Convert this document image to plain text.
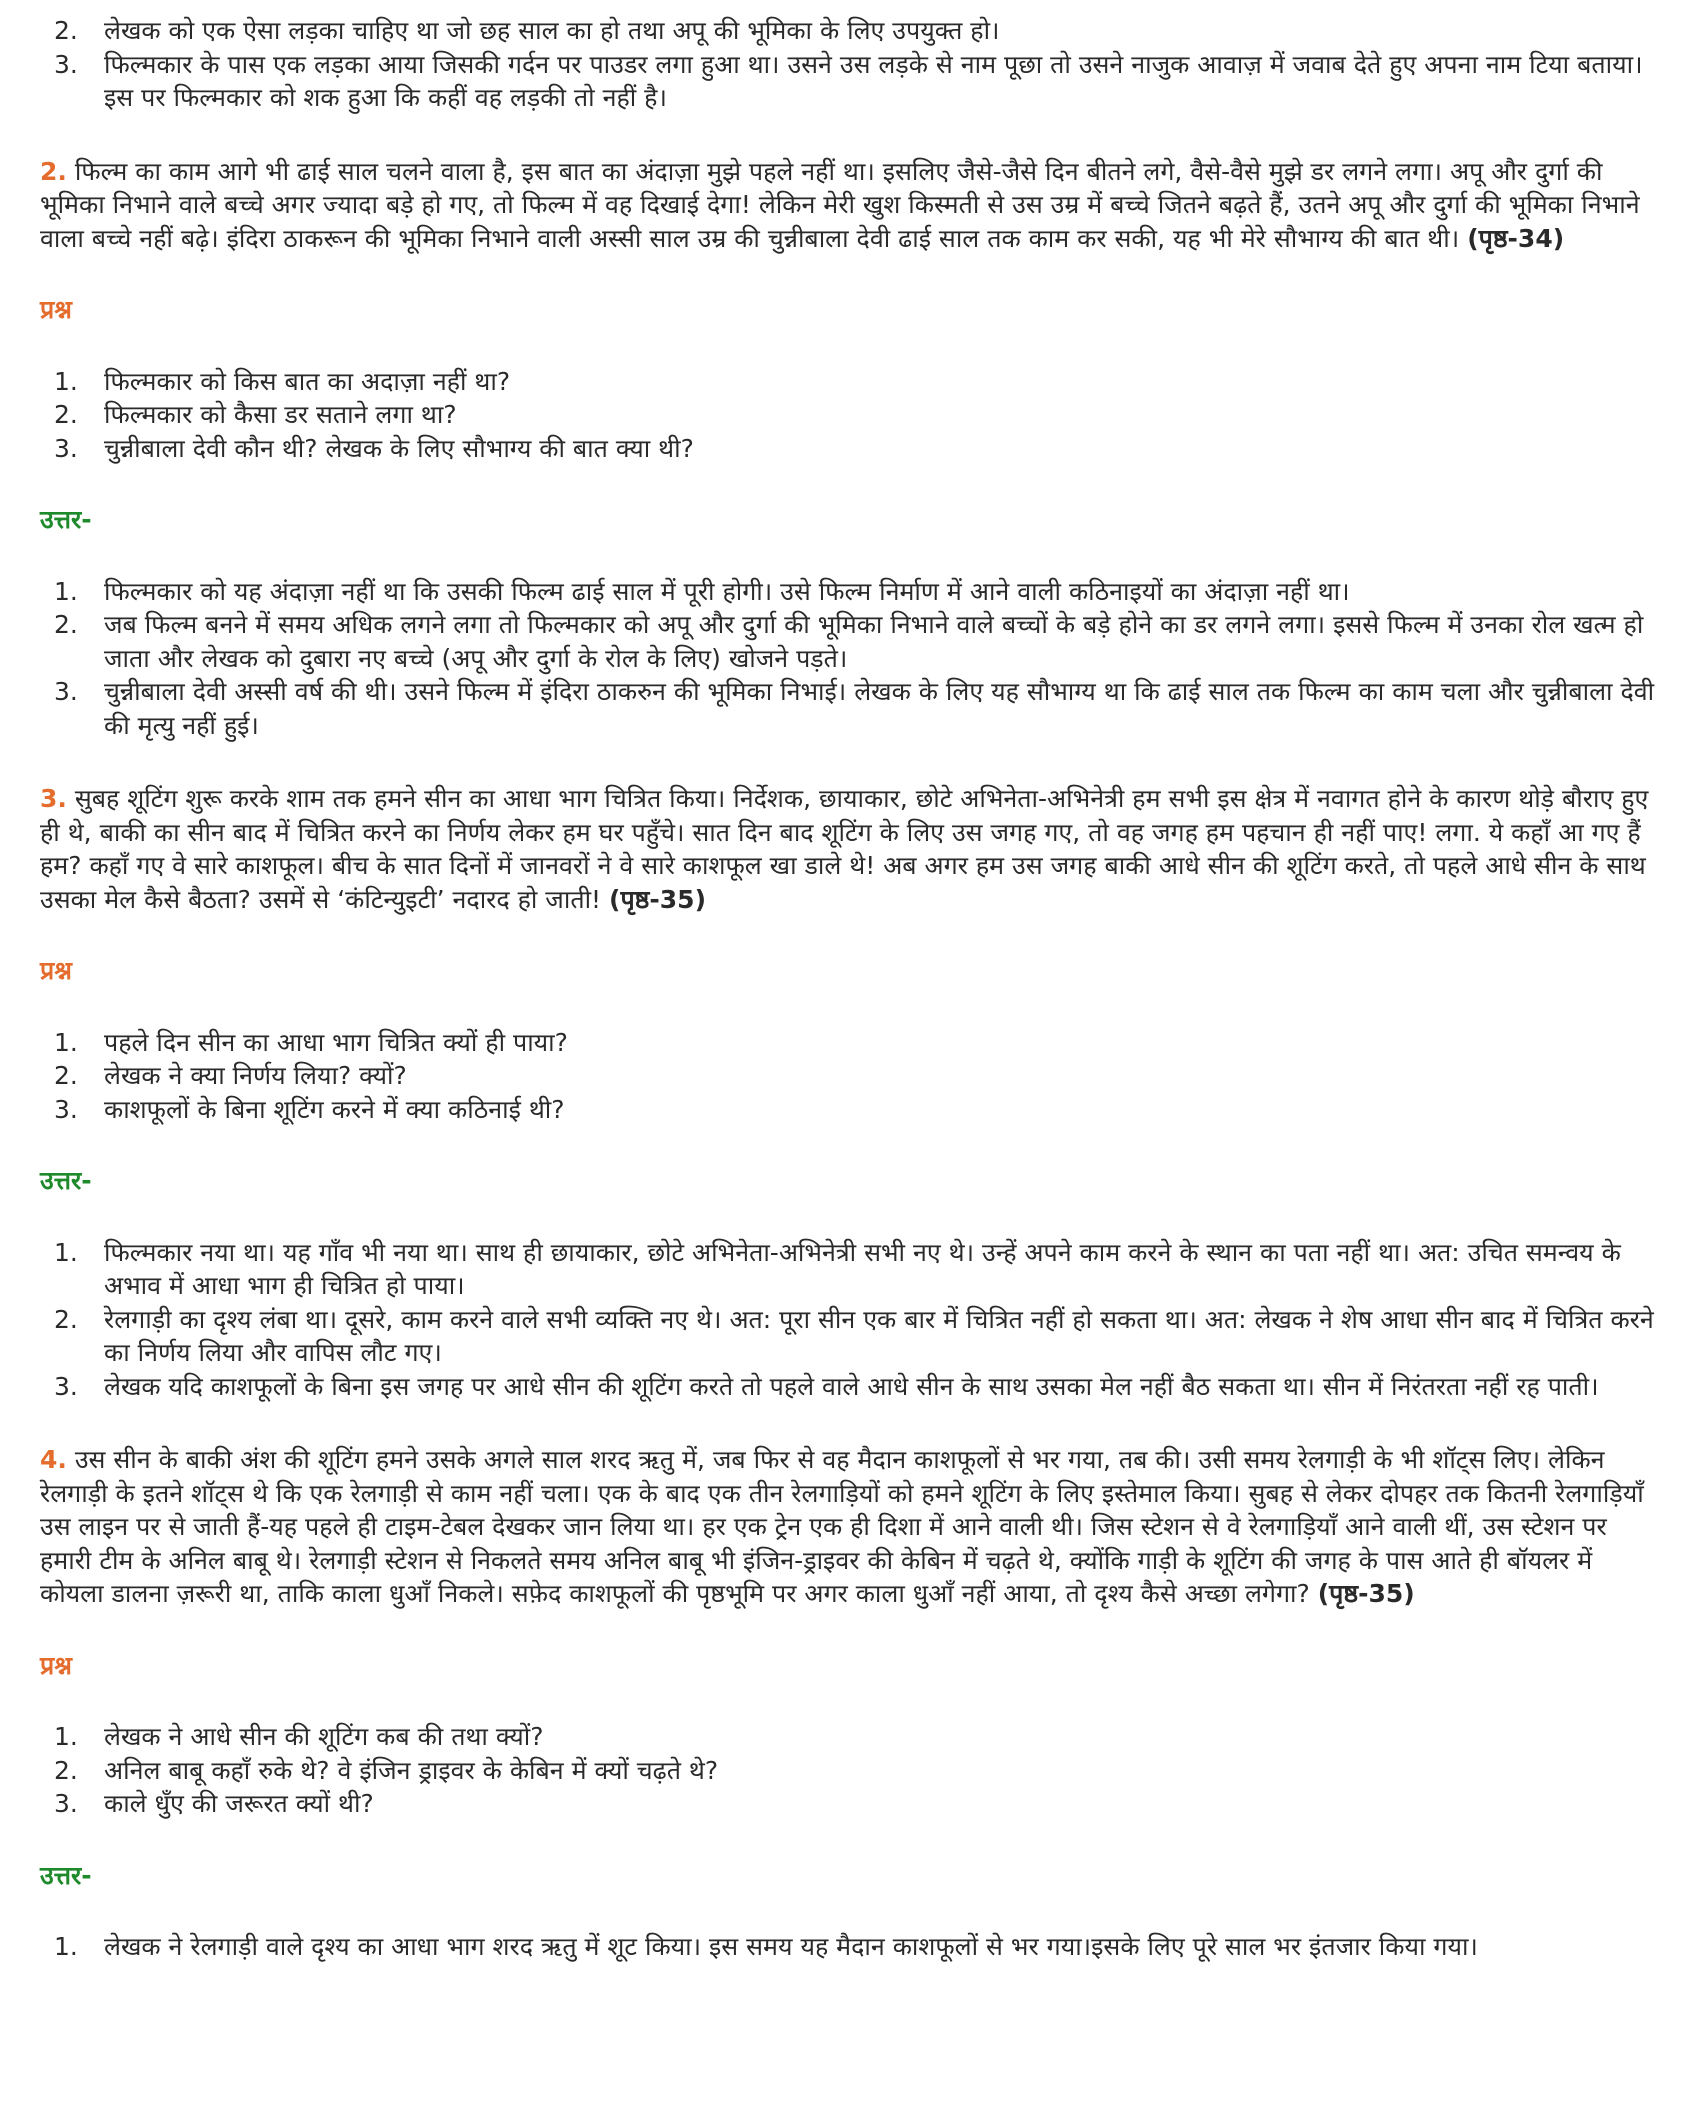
2.	लेखक को एक ऐसा लड़का चाहिए था जो छह साल का हो तथा अपू की भूमिका के लिए उपयुक्त हो।
3.	फिल्मकार के पास एक लड़का आया जिसकी गर्दन पर पाउडर लगा हुआ था। उसने उस लड़के से नाम पूछा तो उसने नाजुक आवाज़ में जवाब देते हुए अपना नाम टिया बताया। इस पर फिल्मकार को शक हुआ कि कहीं वह लड़की तो नहीं है।

2. फिल्म का काम आगे भी ढाई साल चलने वाला है, इस बात का अंदाज़ा मुझे पहले नहीं था। इसलिए जैसे-जैसे दिन बीतने लगे, वैसे-वैसे मुझे डर लगने लगा। अपू और दुर्गा की भूमिका निभाने वाले बच्चे अगर ज्यादा बड़े हो गए, तो फिल्म में वह दिखाई देगा! लेकिन मेरी खुश किस्मती से उस उम्र में बच्चे जितने बढ़ते हैं, उतने अपू और दुर्गा की भूमिका निभाने वाला बच्चे नहीं बढ़े। इंदिरा ठाकरून की भूमिका निभाने वाली अस्सी साल उम्र की चुन्नीबाला देवी ढाई साल तक काम कर सकी, यह भी मेरे सौभाग्य की बात थी। (पृष्ठ-34)

प्रश्न

1.	फिल्मकार को किस बात का अदाज़ा नहीं था?
2.	फिल्मकार को कैसा डर सताने लगा था?
3.	चुन्नीबाला देवी कौन थी? लेखक के लिए सौभाग्य की बात क्या थी?

उत्तर-

1.	फिल्मकार को यह अंदाज़ा नहीं था कि उसकी फिल्म ढाई साल में पूरी होगी। उसे फिल्म निर्माण में आने वाली कठिनाइयों का अंदाज़ा नहीं था।
2.	जब फिल्म बनने में समय अधिक लगने लगा तो फिल्मकार को अपू और दुर्गा की भूमिका निभाने वाले बच्चों के बड़े होने का डर लगने लगा। इससे फिल्म में उनका रोल खत्म हो जाता और लेखक को दुबारा नए बच्चे (अपू और दुर्गा के रोल के लिए) खोजने पड़ते।
3.	चुन्नीबाला देवी अस्सी वर्ष की थी। उसने फिल्म में इंदिरा ठाकरुन की भूमिका निभाई। लेखक के लिए यह सौभाग्य था कि ढाई साल तक फिल्म का काम चला और चुन्नीबाला देवी की मृत्यु नहीं हुई।

3. सुबह शूटिंग शुरू करके शाम तक हमने सीन का आधा भाग चित्रित किया। निर्देशक, छायाकार, छोटे अभिनेता-अभिनेत्री हम सभी इस क्षेत्र में नवागत होने के कारण थोड़े बौराए हुए ही थे, बाकी का सीन बाद में चित्रित करने का निर्णय लेकर हम घर पहुँचे। सात दिन बाद शूटिंग के लिए उस जगह गए, तो वह जगह हम पहचान ही नहीं पाए! लगा. ये कहाँ आ गए हैं हम? कहाँ गए वे सारे काशफूल। बीच के सात दिनों में जानवरों ने वे सारे काशफूल खा डाले थे! अब अगर हम उस जगह बाकी आधे सीन की शूटिंग करते, तो पहले आधे सीन के साथ उसका मेल कैसे बैठता? उसमें से ‘कंटिन्युइटी’ नदारद हो जाती! (पृष्ठ-35)

प्रश्न

1.	पहले दिन सीन का आधा भाग चित्रित क्यों ही पाया?
2.	लेखक ने क्या निर्णय लिया? क्यों?
3.	काशफूलों के बिना शूटिंग करने में क्या कठिनाई थी?

उत्तर-

1.	फिल्मकार नया था। यह गाँव भी नया था। साथ ही छायाकार, छोटे अभिनेता-अभिनेत्री सभी नए थे। उन्हें अपने काम करने के स्थान का पता नहीं था। अत: उचित समन्वय के अभाव में आधा भाग ही चित्रित हो पाया।
2.	रेलगाड़ी का दृश्य लंबा था। दूसरे, काम करने वाले सभी व्यक्ति नए थे। अत: पूरा सीन एक बार में चित्रित नहीं हो सकता था। अत: लेखक ने शेष आधा सीन बाद में चित्रित करने का निर्णय लिया और वापिस लौट गए।
3.	लेखक यदि काशफूलों के बिना इस जगह पर आधे सीन की शूटिंग करते तो पहले वाले आधे सीन के साथ उसका मेल नहीं बैठ सकता था। सीन में निरंतरता नहीं रह पाती।

4. उस सीन के बाकी अंश की शूटिंग हमने उसके अगले साल शरद ऋतु में, जब फिर से वह मैदान काशफूलों से भर गया, तब की। उसी समय रेलगाड़ी के भी शॉट्स लिए। लेकिन रेलगाड़ी के इतने शॉट्स थे कि एक रेलगाड़ी से काम नहीं चला। एक के बाद एक तीन रेलगाड़ियों को हमने शूटिंग के लिए इस्तेमाल किया। सुबह से लेकर दोपहर तक कितनी रेलगाड़ियाँ उस लाइन पर से जाती हैं-यह पहले ही टाइम-टेबल देखकर जान लिया था। हर एक ट्रेन एक ही दिशा में आने वाली थी। जिस स्टेशन से वे रेलगाड़ियाँ आने वाली थीं, उस स्टेशन पर हमारी टीम के अनिल बाबू थे। रेलगाड़ी स्टेशन से निकलते समय अनिल बाबू भी इंजिन-ड्राइवर की केबिन में चढ़ते थे, क्योंकि गाड़ी के शूटिंग की जगह के पास आते ही बॉयलर में कोयला डालना ज़रूरी था, ताकि काला धुआँ निकले। सफ़ेद काशफूलों की पृष्ठभूमि पर अगर काला धुआँ नहीं आया, तो दृश्य कैसे अच्छा लगेगा? (पृष्ठ-35)

प्रश्न

1.	लेखक ने आधे सीन की शूटिंग कब की तथा क्यों?
2.	अनिल बाबू कहाँ रुके थे? वे इंजिन ड्राइवर के केबिन में क्यों चढ़ते थे?
3.	काले धुँए की जरूरत क्यों थी?

उत्तर-

1.	लेखक ने रेलगाड़ी वाले दृश्य का आधा भाग शरद ऋतु में शूट किया। इस समय यह मैदान काशफूलों से भर गया।इसके लिए पूरे साल भर इंतजार किया गया।
